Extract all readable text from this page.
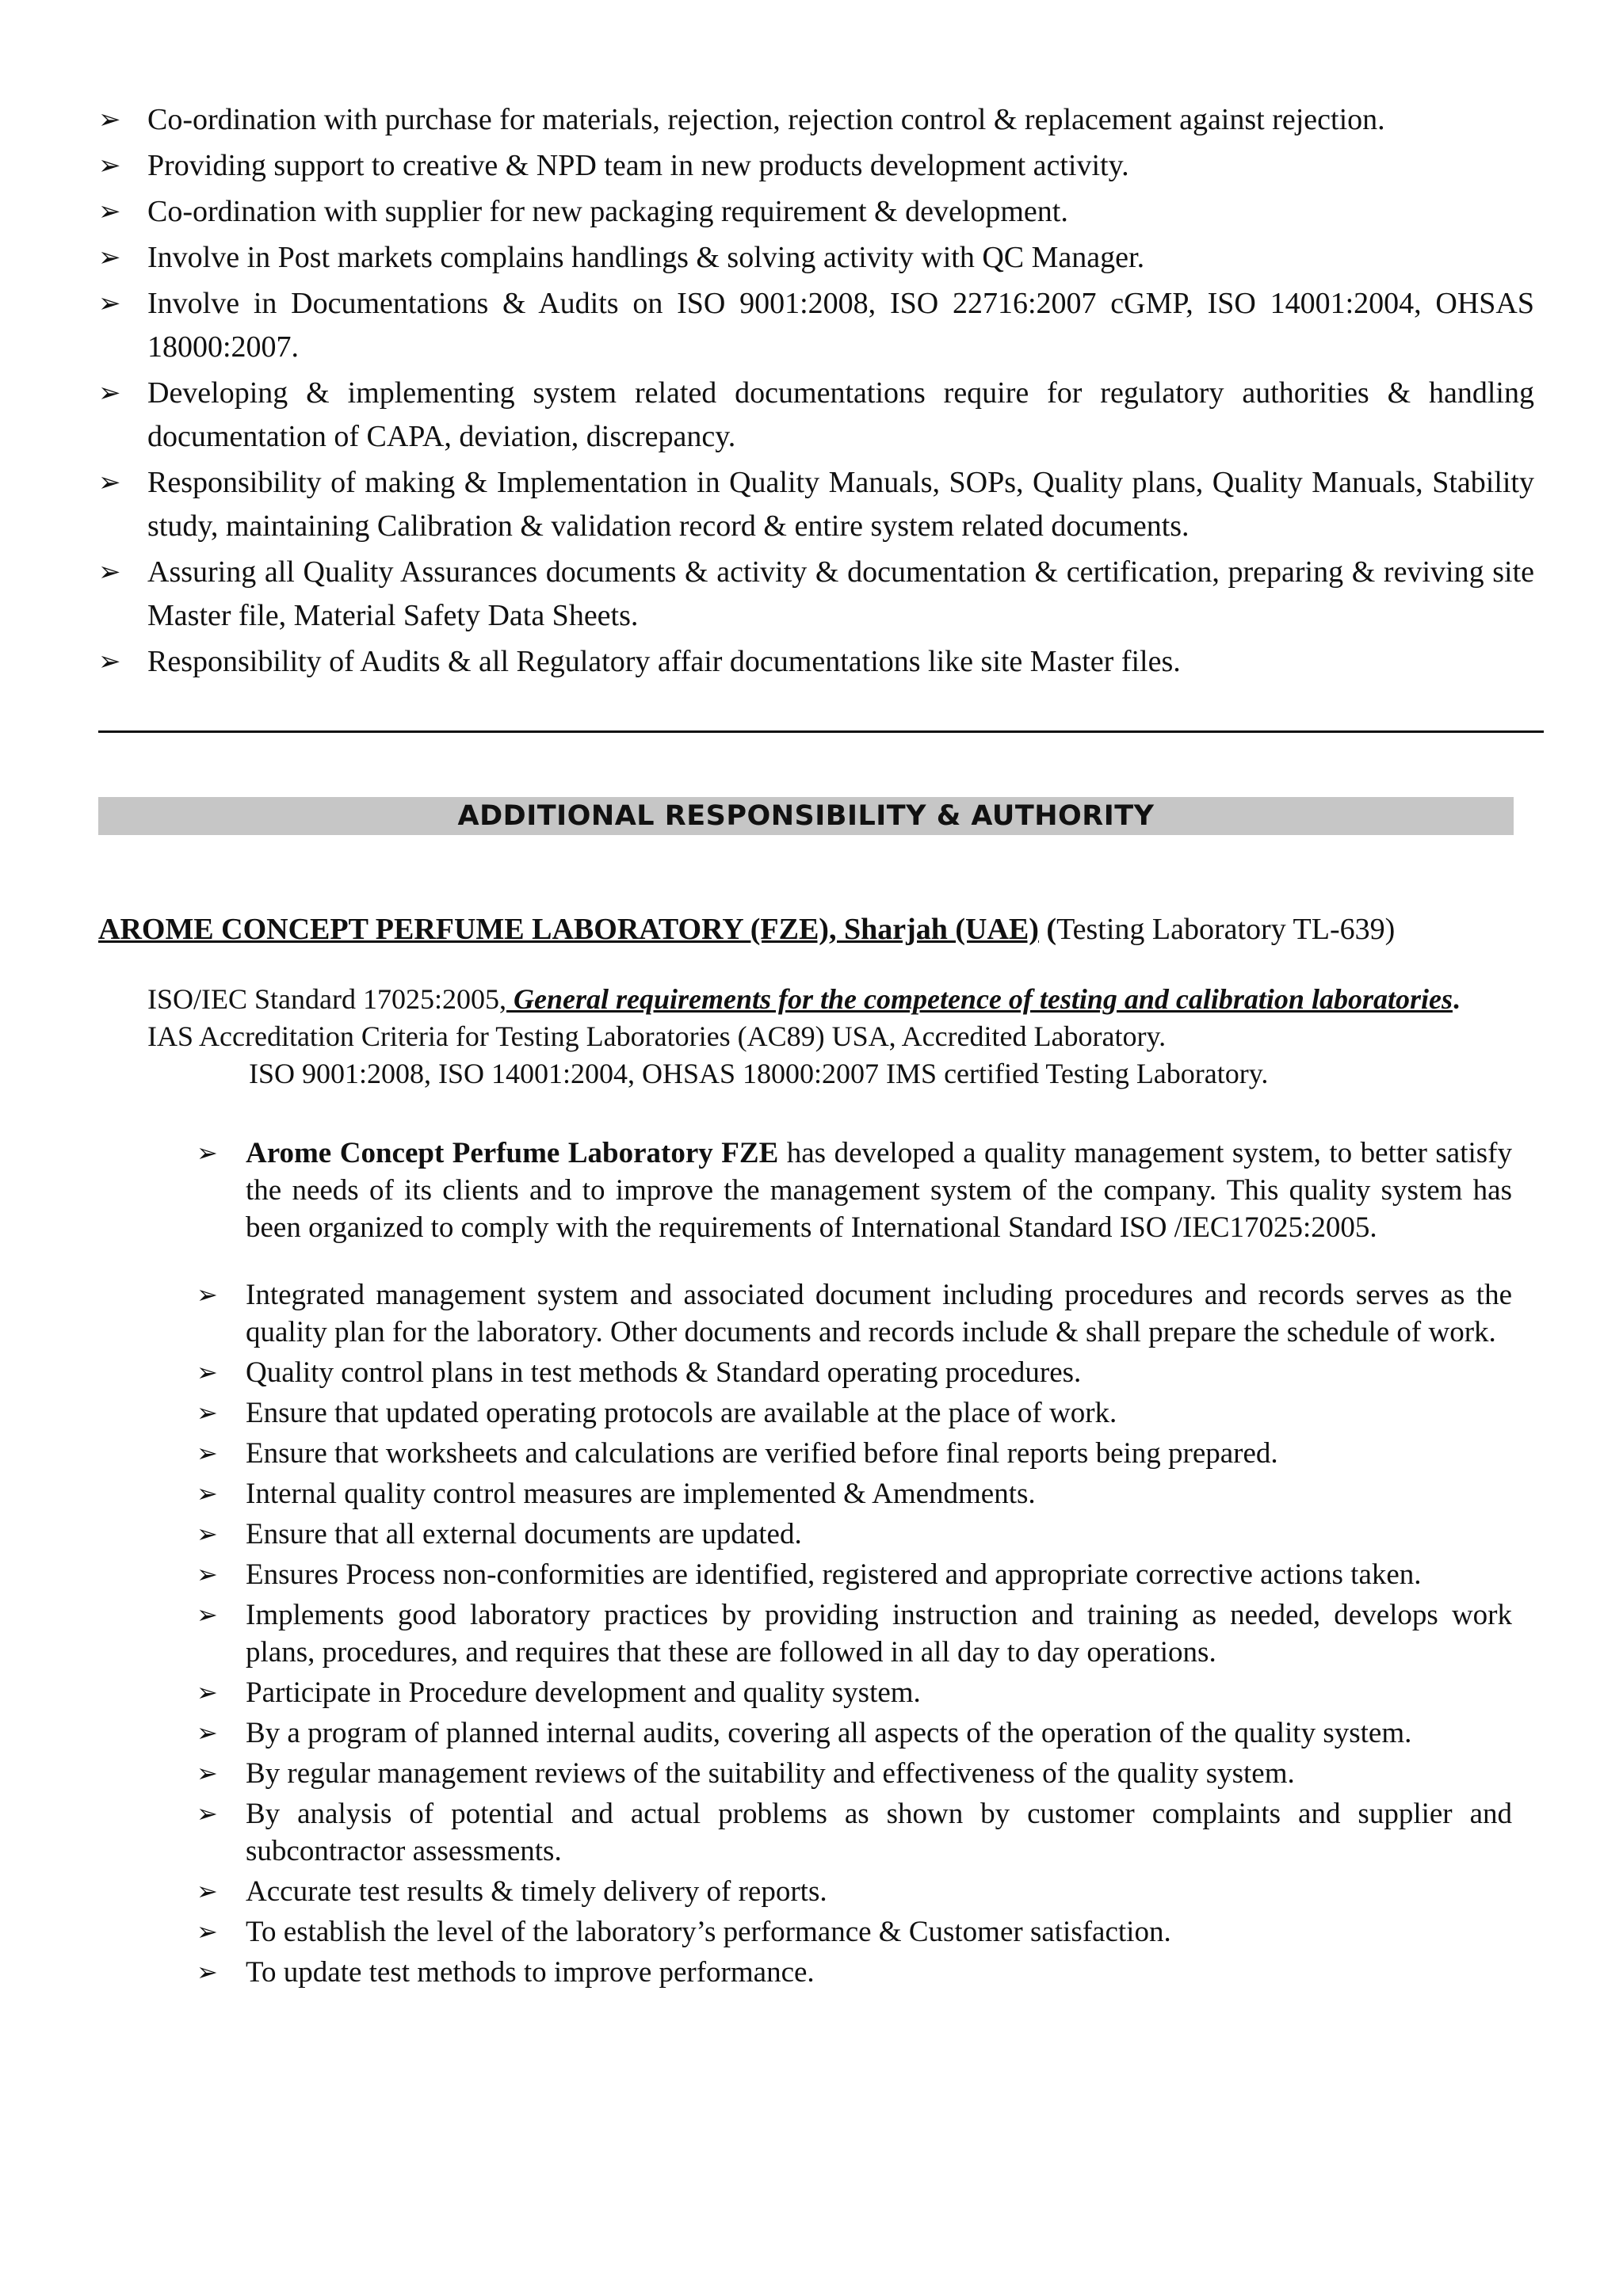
➢ Co-ordination with purchase for materials, rejection, rejection control & replacement against rejection.
➢ Providing support to creative & NPD team in new products development activity.
➢ Co-ordination with supplier for new packaging requirement & development.
➢ Involve in Post markets complains handlings & solving activity with QC Manager.
➢ Involve in Documentations & Audits on ISO 9001:2008, ISO 22716:2007 cGMP, ISO 14001:2004, OHSAS 18000:2007.
➢ Developing & implementing system related documentations require for regulatory authorities & handling documentation of CAPA, deviation, discrepancy.
➢ Responsibility of making & Implementation in Quality Manuals, SOPs, Quality plans, Quality Manuals, Stability study, maintaining Calibration & validation record & entire system related documents.
➢ Assuring all Quality Assurances documents & activity & documentation & certification, preparing & reviving site Master file, Material Safety Data Sheets.
➢ Responsibility of Audits & all Regulatory affair documentations like site Master files.
ADDITIONAL RESPONSIBILITY & AUTHORITY
AROME CONCEPT PERFUME LABORATORY (FZE), Sharjah (UAE) (Testing Laboratory TL-639)
ISO/IEC Standard 17025:2005, General requirements for the competence of testing and calibration laboratories. IAS Accreditation Criteria for Testing Laboratories (AC89) USA, Accredited Laboratory.
ISO 9001:2008, ISO 14001:2004, OHSAS 18000:2007 IMS certified Testing Laboratory.
➢ Arome Concept Perfume Laboratory FZE has developed a quality management system, to better satisfy the needs of its clients and to improve the management system of the company. This quality system has been organized to comply with the requirements of International Standard ISO /IEC17025:2005.
➢ Integrated management system and associated document including procedures and records serves as the quality plan for the laboratory. Other documents and records include & shall prepare the schedule of work.
➢ Quality control plans in test methods & Standard operating procedures.
➢ Ensure that updated operating protocols are available at the place of work.
➢ Ensure that worksheets and calculations are verified before final reports being prepared.
➢ Internal quality control measures are implemented & Amendments.
➢ Ensure that all external documents are updated.
➢ Ensures Process non-conformities are identified, registered and appropriate corrective actions taken.
➢ Implements good laboratory practices by providing instruction and training as needed, develops work plans, procedures, and requires that these are followed in all day to day operations.
➢ Participate in Procedure development and quality system.
➢ By a program of planned internal audits, covering all aspects of the operation of the quality system.
➢ By regular management reviews of the suitability and effectiveness of the quality system.
➢ By analysis of potential and actual problems as shown by customer complaints and supplier and subcontractor assessments.
➢ Accurate test results & timely delivery of reports.
➢ To establish the level of the laboratory’s performance & Customer satisfaction.
➢ To update test methods to improve performance.
